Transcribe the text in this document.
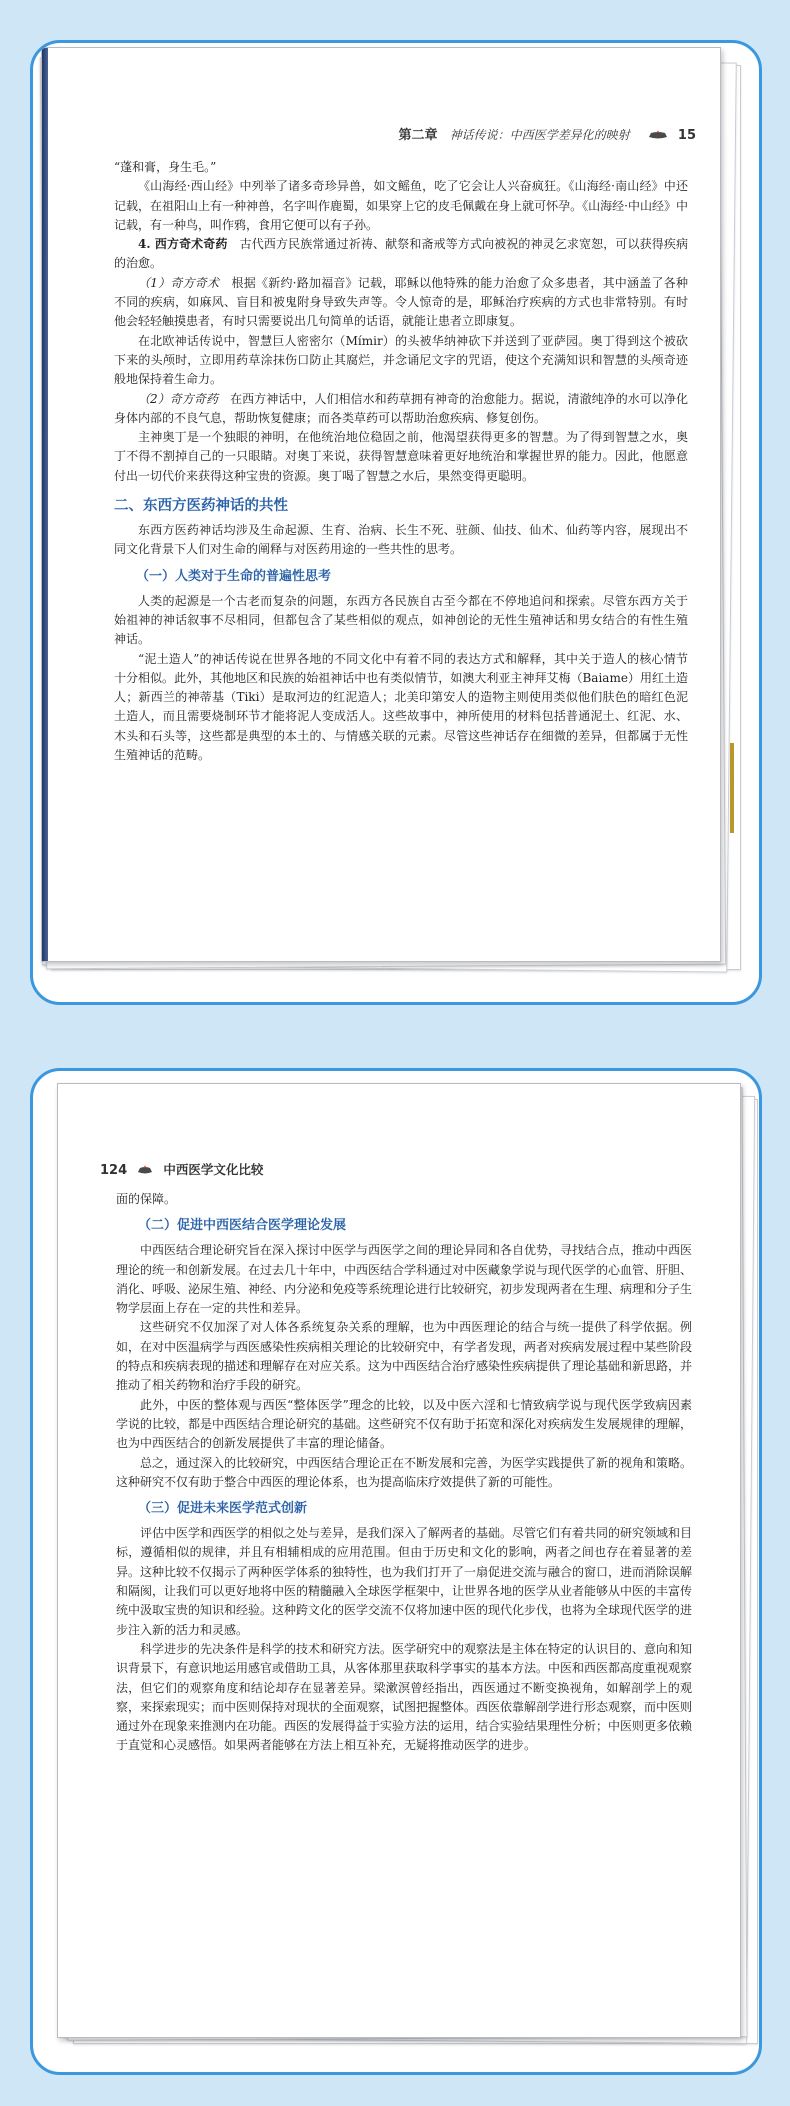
第二章 神话传说：中西医学差异化的映射	15

“蓬和膏，身生毛。”

《山海经·西山经》中列举了诸多奇珍异兽，如文鳐鱼，吃了它会让人兴奋疯狂。《山海经·南山经》中还记载，在祖阳山上有一种神兽，名字叫作鹿蜀，如果穿上它的皮毛佩戴在身上就可怀孕。《山海经·中山经》中记载，有一种鸟，叫作鸦，食用它便可以有子孙。

4. 西方奇术奇药　 古代西方民族常通过祈祷、献祭和斋戒等方式向被祝的神灵乞求宽恕，可以获得疾病的治愈。

（1）奇方奇术　 根据《新约·路加福音》记载，耶稣以他特殊的能力治愈了众多患者，其中涵盖了各种不同的疾病，如麻风、盲目和被鬼附身导致失声等。令人惊奇的是，耶稣治疗疾病的方式也非常特别。有时他会轻轻触摸患者，有时只需要说出几句简单的话语，就能让患者立即康复。

在北欧神话传说中，智慧巨人密密尔（Mímir）的头被华纳神砍下并送到了亚萨园。奥丁得到这个被砍下来的头颅时，立即用药草涂抹伤口防止其腐烂，并念诵尼文字的咒语，使这个充满知识和智慧的头颅奇迹般地保持着生命力。

（2）奇方奇药　 在西方神话中，人们相信水和药草拥有神奇的治愈能力。据说，清澈纯净的水可以净化身体内部的不良气息，帮助恢复健康；而各类草药可以帮助治愈疾病、修复创伤。

主神奥丁是一个独眼的神明，在他统治地位稳固之前，他渴望获得更多的智慧。为了得到智慧之水，奥丁不得不割掉自己的一只眼睛。对奥丁来说，获得智慧意味着更好地统治和掌握世界的能力。因此，他愿意付出一切代价来获得这种宝贵的资源。奥丁喝了智慧之水后，果然变得更聪明。

二、东西方医药神话的共性

东西方医药神话均涉及生命起源、生育、治病、长生不死、驻颜、仙技、仙术、仙药等内容，展现出不同文化背景下人们对生命的阐释与对医药用途的一些共性的思考。

（一）人类对于生命的普遍性思考

人类的起源是一个古老而复杂的问题，东西方各民族自古至今都在不停地追问和探索。尽管东西方关于始祖神的神话叙事不尽相同，但都包含了某些相似的观点，如神创论的无性生殖神话和男女结合的有性生殖神话。

“泥土造人”的神话传说在世界各地的不同文化中有着不同的表达方式和解释，其中关于造人的核心情节十分相似。此外，其他地区和民族的始祖神话中也有类似情节，如澳大利亚主神拜艾梅（Baiame）用红土造人；新西兰的神蒂基（Tiki）是取河边的红泥造人；北美印第安人的造物主则使用类似他们肤色的暗红色泥土造人，而且需要烧制环节才能将泥人变成活人。这些故事中，神所使用的材料包括普通泥土、红泥、水、木头和石头等，这些都是典型的本土的、与情感关联的元素。尽管这些神话存在细微的差异，但都属于无性生殖神话的范畴。

124	中西医学文化比较

面的保障。

（二）促进中西医结合医学理论发展

中西医结合理论研究旨在深入探讨中医学与西医学之间的理论异同和各自优势，寻找结合点，推动中西医理论的统一和创新发展。在过去几十年中，中西医结合学科通过对中医藏象学说与现代医学的心血管、肝胆、消化、呼吸、泌尿生殖、神经、内分泌和免疫等系统理论进行比较研究，初步发现两者在生理、病理和分子生物学层面上存在一定的共性和差异。

这些研究不仅加深了对人体各系统复杂关系的理解，也为中西医理论的结合与统一提供了科学依据。例如，在对中医温病学与西医感染性疾病相关理论的比较研究中，有学者发现，两者对疾病发展过程中某些阶段的特点和疾病表现的描述和理解存在对应关系。这为中西医结合治疗感染性疾病提供了理论基础和新思路，并推动了相关药物和治疗手段的研究。

此外，中医的整体观与西医“整体医学”理念的比较，以及中医六淫和七情致病学说与现代医学致病因素学说的比较，都是中西医结合理论研究的基础。这些研究不仅有助于拓宽和深化对疾病发生发展规律的理解，也为中西医结合的创新发展提供了丰富的理论储备。

总之，通过深入的比较研究，中西医结合理论正在不断发展和完善，为医学实践提供了新的视角和策略。这种研究不仅有助于整合中西医的理论体系，也为提高临床疗效提供了新的可能性。

（三）促进未来医学范式创新

评估中医学和西医学的相似之处与差异，是我们深入了解两者的基础。尽管它们有着共同的研究领域和目标，遵循相似的规律，并且有相辅相成的应用范围。但由于历史和文化的影响，两者之间也存在着显著的差异。这种比较不仅揭示了两种医学体系的独特性，也为我们打开了一扇促进交流与融合的窗口，进而消除误解和隔阂，让我们可以更好地将中医的精髓融入全球医学框架中，让世界各地的医学从业者能够从中医的丰富传统中汲取宝贵的知识和经验。这种跨文化的医学交流不仅将加速中医的现代化步伐，也将为全球现代医学的进步注入新的活力和灵感。

科学进步的先决条件是科学的技术和研究方法。医学研究中的观察法是主体在特定的认识目的、意向和知识背景下，有意识地运用感官或借助工具，从客体那里获取科学事实的基本方法。中医和西医都高度重视观察法，但它们的观察角度和结论却存在显著差异。梁漱溟曾经指出，西医通过不断变换视角，如解剖学上的观察，来探索现实；而中医则保持对现状的全面观察，试图把握整体。西医依靠解剖学进行形态观察，而中医则通过外在现象来推测内在功能。西医的发展得益于实验方法的运用，结合实验结果理性分析；中医则更多依赖于直觉和心灵感悟。如果两者能够在方法上相互补充，无疑将推动医学的进步。
